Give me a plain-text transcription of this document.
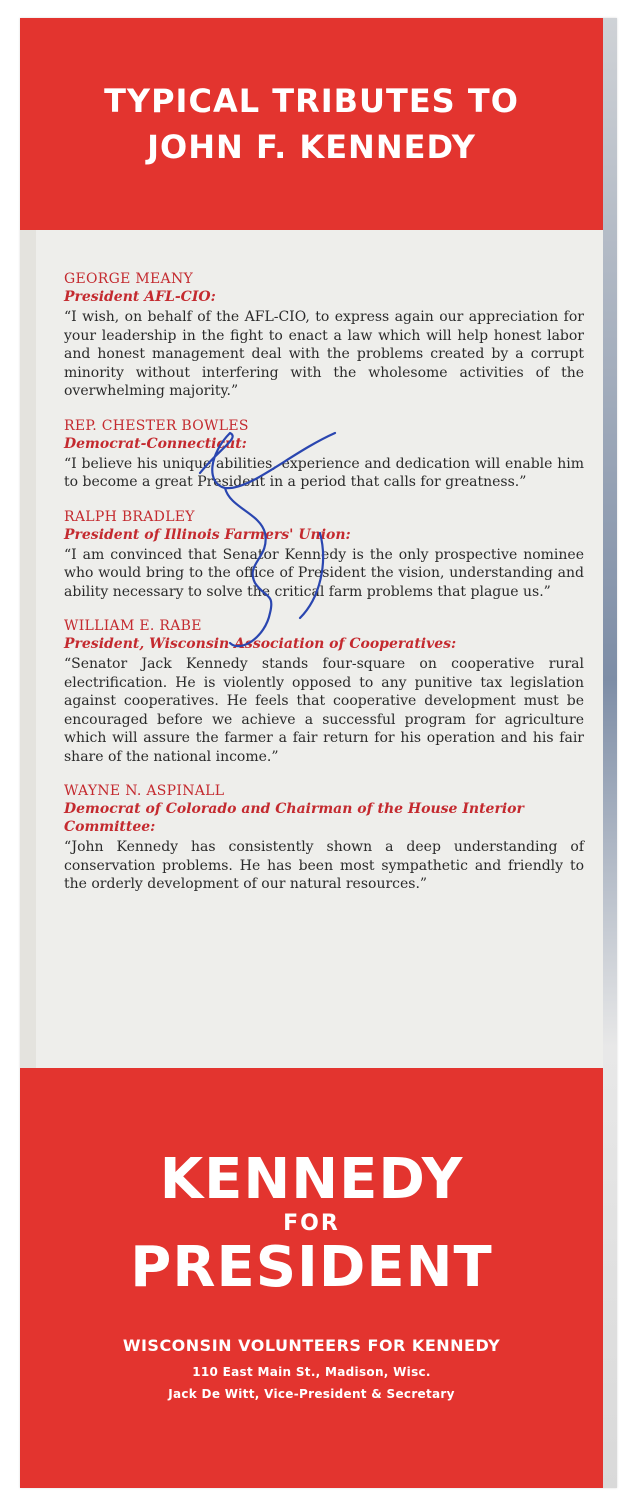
TYPICAL TRIBUTES TO
JOHN F. KENNEDY
GEORGE MEANY
President AFL-CIO:
“I wish, on behalf of the AFL-CIO, to express again our appreciation for your leadership in the fight to enact a law which will help honest labor and honest management deal with the problems created by a corrupt minority without interfering with the wholesome activities of the overwhelming majority.”
REP. CHESTER BOWLES
Democrat-Connecticut:
“I believe his unique abilities, experience and dedication will enable him to become a great President in a period that calls for greatness.”
RALPH BRADLEY
President of Illinois Farmers' Union:
“I am convinced that Senator Kennedy is the only prospective nominee who would bring to the office of President the vision, understanding and ability necessary to solve the critical farm problems that plague us.”
WILLIAM E. RABE
President, Wisconsin Association of Cooperatives:
“Senator Jack Kennedy stands four-square on cooperative rural electrification. He is violently opposed to any punitive tax legislation against cooperatives. He feels that cooperative development must be encouraged before we achieve a successful program for agriculture which will assure the farmer a fair return for his operation and his fair share of the national income.”
WAYNE N. ASPINALL
Democrat of Colorado and Chairman of the House Interior Committee:
“John Kennedy has consistently shown a deep understanding of conservation problems. He has been most sympathetic and friendly to the orderly development of our natural resources.”
KENNEDY
FOR
PRESIDENT
WISCONSIN VOLUNTEERS FOR KENNEDY
110 East Main St., Madison, Wisc.
Jack De Witt, Vice-President & Secretary
